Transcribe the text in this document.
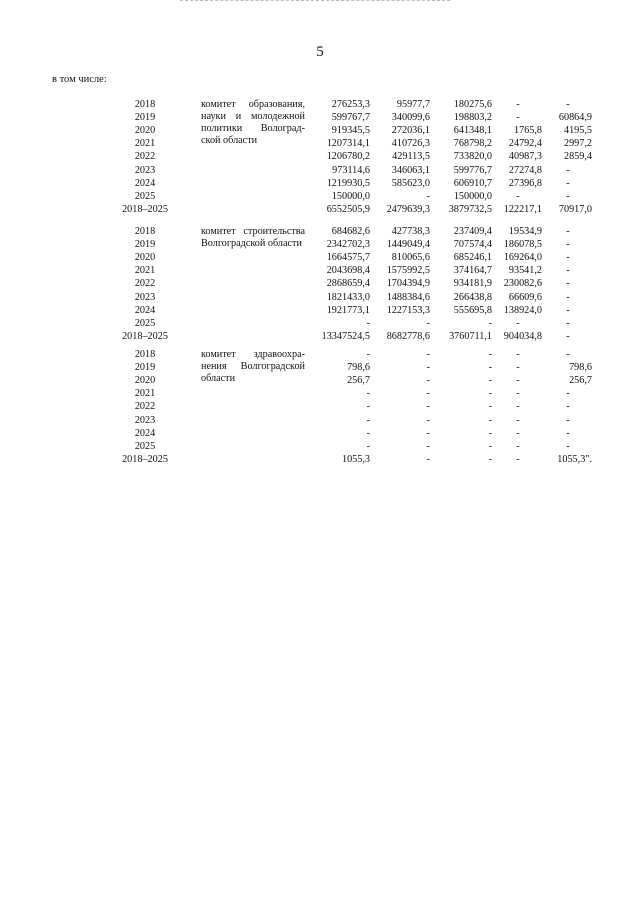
5
в том числе:
комитет образования,
науки и молодежной
политики Волоград-
ской области
2018	276253,3	95977,7	180275,6	-	-
2019	599767,7	340099,6	198803,2	-	60864,9
2020	919345,5	272036,1	641348,1	1765,8	4195,5
2021	1207314,1	410726,3	768798,2	24792,4	2997,2
2022	1206780,2	429113,5	733820,0	40987,3	2859,4
2023	973114,6	346063,1	599776,7	27274,8	-
2024	1219930,5	585623,0	606910,7	27396,8	-
2025	150000,0	-	150000,0	-	-
2018–2025	6552505,9	2479639,3	3879732,5	122217,1	70917,0
комитет строительства
Волгоградской области
2018	684682,6	427738,3	237409,4	19534,9	-
2019	2342702,3	1449049,4	707574,4	186078,5	-
2020	1664575,7	810065,6	685246,1	169264,0	-
2021	2043698,4	1575992,5	374164,7	93541,2	-
2022	2868659,4	1704394,9	934181,9	230082,6	-
2023	1821433,0	1488384,6	266438,8	66609,6	-
2024	1921773,1	1227153,3	555695,8	138924,0	-
2025	-	-	-	-	-
2018–2025	13347524,5	8682778,6	3760711,1	904034,8	-
комитет здравоохра-
нения Волгоградской
области
2018	-	-	-	-	-
2019	798,6	-	-	-	798,6
2020	256,7	-	-	-	256,7
2021	-	-	-	-	-
2022	-	-	-	-	-
2023	-	-	-	-	-
2024	-	-	-	-	-
2025	-	-	-	-	-
2018–2025	1055,3	-	-	-	1055,3".
